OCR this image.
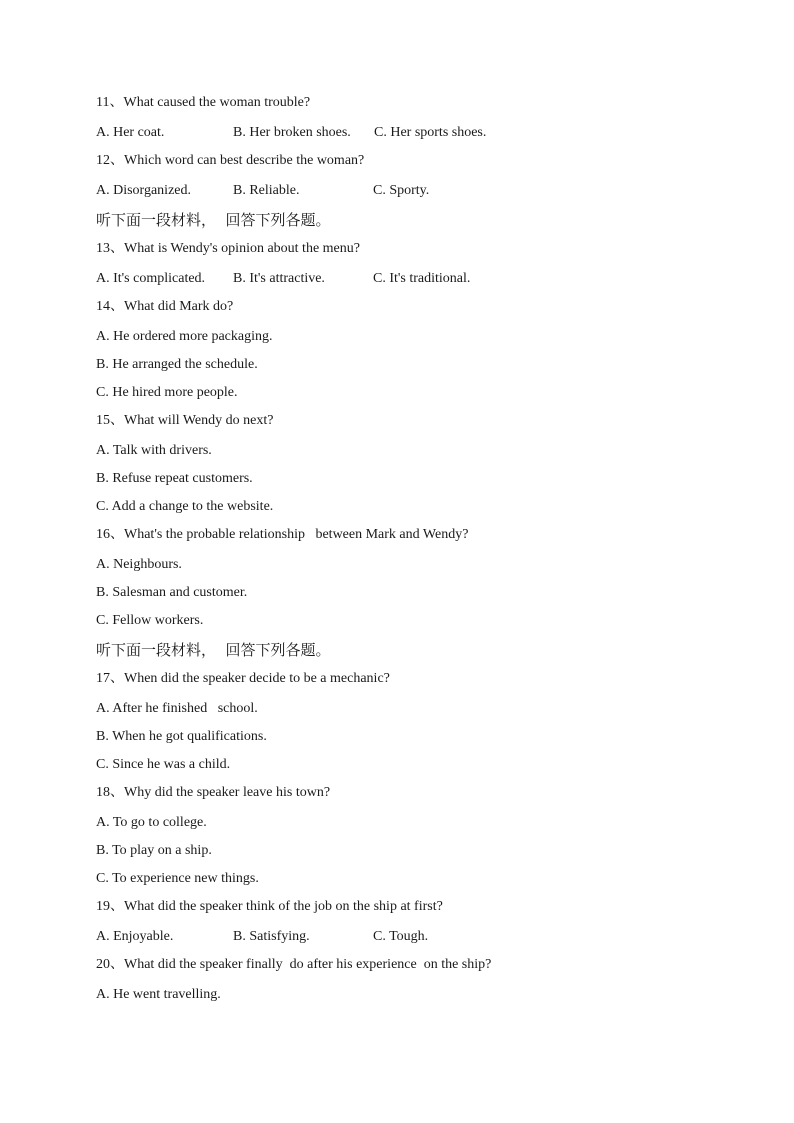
11、What caused the woman trouble?
A. Her coat.	B. Her broken shoes.	C. Her sports shoes.
12、Which word can best describe the woman?
A. Disorganized.	B. Reliable.	C. Sporty.
听下面一段材料，  回答下列各题。
13、What is Wendy's opinion about the menu?
A. It's complicated.	B. It's attractive.	C. It's traditional.
14、What did Mark do?
A. He ordered more packaging.
B. He arranged the schedule.
C. He hired more people.
15、What will Wendy do next?
A. Talk with drivers.
B. Refuse repeat customers.
C. Add a change to the website.
16、What's the probable relationship   between Mark and Wendy?
A. Neighbours.
B. Salesman and customer.
C. Fellow workers.
听下面一段材料，  回答下列各题。
17、When did the speaker decide to be a mechanic?
A. After he finished   school.
B. When he got qualifications.
C. Since he was a child.
18、Why did the speaker leave his town?
A. To go to college.
B. To play on a ship.
C. To experience new things.
19、What did the speaker think of the job on the ship at first?
A. Enjoyable.	B. Satisfying.	C. Tough.
20、What did the speaker finally  do after his experience  on the ship?
A. He went travelling.
